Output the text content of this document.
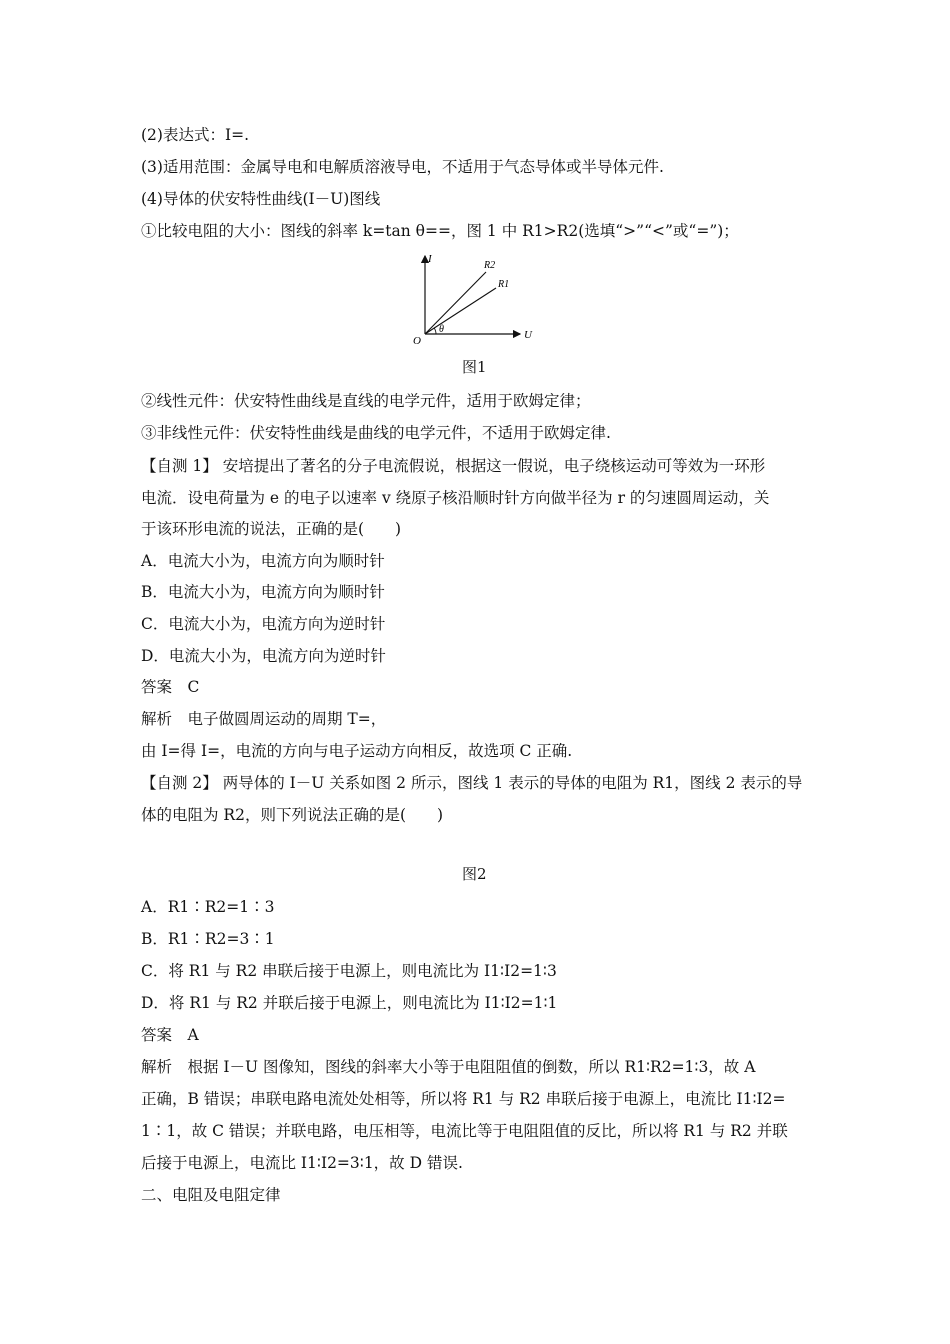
(2)表达式：I=.
(3)适用范围：金属导电和电解质溶液导电，不适用于气态导体或半导体元件.
(4)导体的伏安特性曲线(I－U)图线
①比较电阻的大小：图线的斜率 k=tan θ==，图 1 中 R1>R2(选填“>”“<”或“=”)；
I
U
O
θ
R2
R1
图1
②线性元件：伏安特性曲线是直线的电学元件，适用于欧姆定律；
③非线性元件：伏安特性曲线是曲线的电学元件，不适用于欧姆定律.
【自测 1】 安培提出了著名的分子电流假说，根据这一假说，电子绕核运动可等效为一环形
电流．设电荷量为 e 的电子以速率 v 绕原子核沿顺时针方向做半径为 r 的匀速圆周运动，关
于该环形电流的说法，正确的是(　　)
A．电流大小为，电流方向为顺时针
B．电流大小为，电流方向为顺时针
C．电流大小为，电流方向为逆时针
D．电流大小为，电流方向为逆时针
答案　C
解析　电子做圆周运动的周期 T=，
由 I=得 I=，电流的方向与电子运动方向相反，故选项 C 正确.
【自测 2】 两导体的 I－U 关系如图 2 所示，图线 1 表示的导体的电阻为 R1，图线 2 表示的导
体的电阻为 R2，则下列说法正确的是(　　)
图2
A．R1∶R2=1∶3
B．R1∶R2=3∶1
C．将 R1 与 R2 串联后接于电源上，则电流比为 I1∶I2=1∶3
D．将 R1 与 R2 并联后接于电源上，则电流比为 I1∶I2=1∶1
答案　A
解析　根据 I－U 图像知，图线的斜率大小等于电阻阻值的倒数，所以 R1∶R2=1∶3，故 A
正确，B 错误；串联电路电流处处相等，所以将 R1 与 R2 串联后接于电源上，电流比 I1∶I2=
1∶1，故 C 错误；并联电路，电压相等，电流比等于电阻阻值的反比，所以将 R1 与 R2 并联
后接于电源上，电流比 I1∶I2=3∶1，故 D 错误.
二、电阻及电阻定律
